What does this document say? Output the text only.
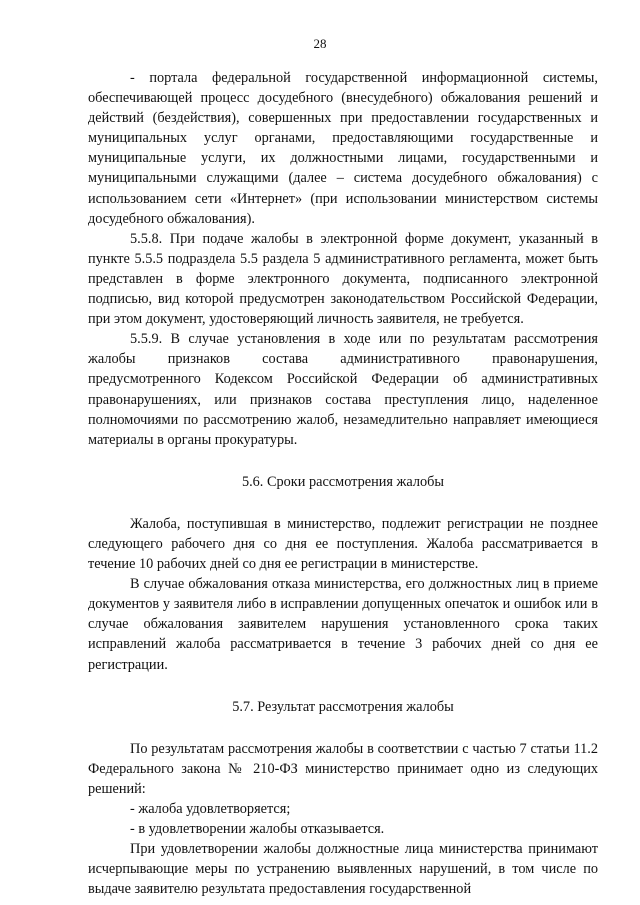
28

- портала федеральной государственной информационной системы, обеспечивающей процесс досудебного (внесудебного) обжалования решений и действий (бездействия), совершенных при предоставлении государственных и муниципальных услуг органами, предоставляющими государственные и муниципальные услуги, их должностными лицами, государственными и муниципальными служащими (далее – система досудебного обжалования) с использованием сети «Интернет» (при использовании министерством системы досудебного обжалования).

5.5.8. При подаче жалобы в электронной форме документ, указанный в пункте 5.5.5 подраздела 5.5 раздела 5 административного регламента, может быть представлен в форме электронного документа, подписанного электронной подписью, вид которой предусмотрен законодательством Российской Федерации, при этом документ, удостоверяющий личность заявителя, не требуется.

5.5.9. В случае установления в ходе или по результатам рассмотрения жалобы признаков состава административного правонарушения, предусмотренного Кодексом Российской Федерации об административных правонарушениях, или признаков состава преступления лицо, наделенное полномочиями по рассмотрению жалоб, незамедлительно направляет имеющиеся материалы в органы прокуратуры.

5.6. Сроки рассмотрения жалобы

Жалоба, поступившая в министерство, подлежит регистрации не позднее следующего рабочего дня со дня ее поступления. Жалоба рассматривается в течение 10 рабочих дней со дня ее регистрации в министерстве.

В случае обжалования отказа министерства, его должностных лиц в приеме документов у заявителя либо в исправлении допущенных опечаток и ошибок или в случае обжалования заявителем нарушения установленного срока таких исправлений жалоба рассматривается в течение 3 рабочих дней со дня ее регистрации.

5.7. Результат рассмотрения жалобы

По результатам рассмотрения жалобы в соответствии с частью 7 статьи 11.2 Федерального закона № 210-ФЗ министерство принимает одно из следующих решений:

- жалоба удовлетворяется;

- в удовлетворении жалобы отказывается.

При удовлетворении жалобы должностные лица министерства принимают исчерпывающие меры по устранению выявленных нарушений, в том числе по выдаче заявителю результата предоставления государственной
